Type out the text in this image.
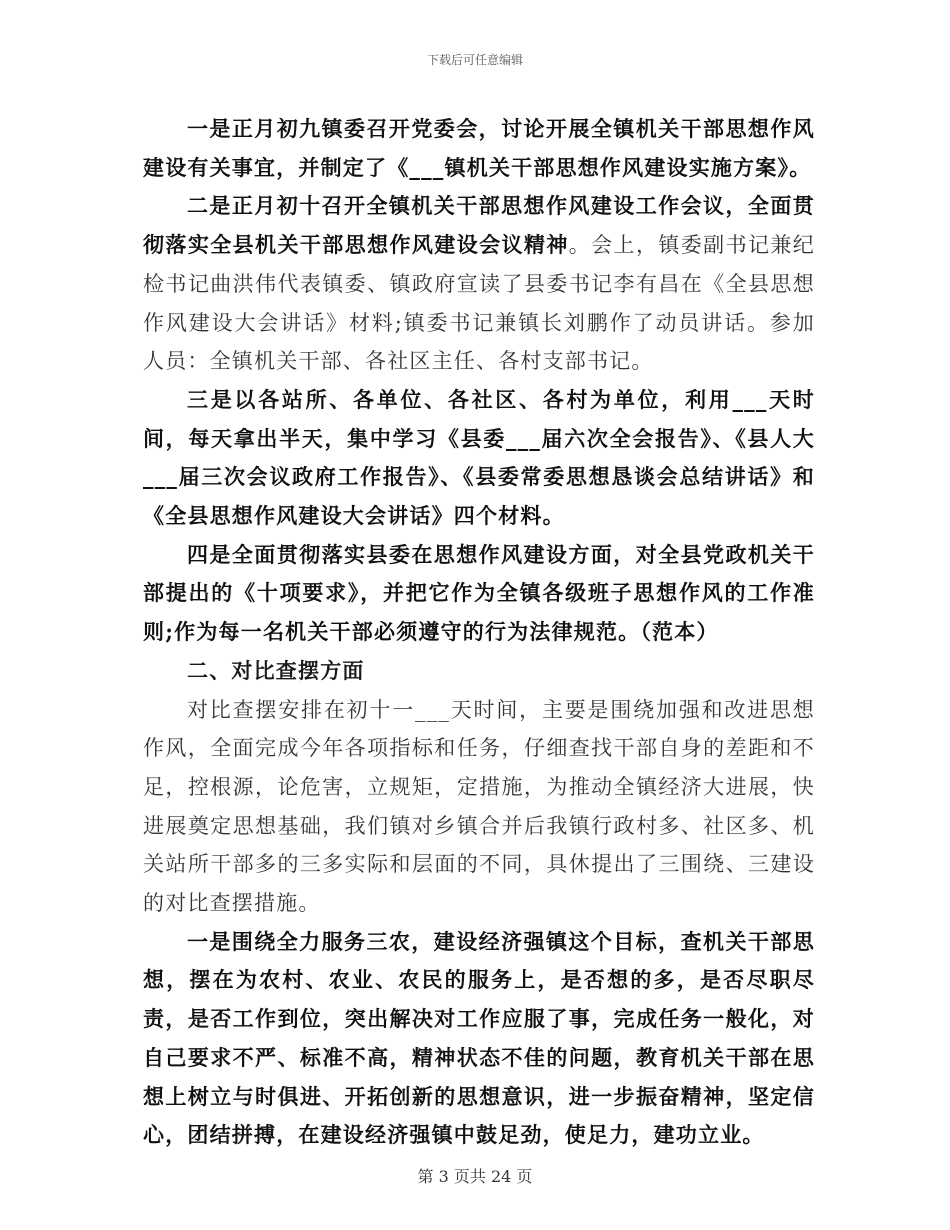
下载后可任意编辑

一是正月初九镇委召开党委会，讨论开展全镇机关干部思想作风建设有关事宜，并制定了《___镇机关干部思想作风建设实施方案》。

二是正月初十召开全镇机关干部思想作风建设工作会议，全面贯彻落实全县机关干部思想作风建设会议精神。会上，镇委副书记兼纪检书记曲洪伟代表镇委、镇政府宣读了县委书记李有昌在《全县思想作风建设大会讲话》材料;镇委书记兼镇长刘鹏作了动员讲话。参加人员：全镇机关干部、各社区主任、各村支部书记。

三是以各站所、各单位、各社区、各村为单位，利用___天时间，每天拿出半天，集中学习《县委___届六次全会报告》、《县人大___届三次会议政府工作报告》、《县委常委思想恳谈会总结讲话》和《全县思想作风建设大会讲话》四个材料。

四是全面贯彻落实县委在思想作风建设方面，对全县党政机关干部提出的《十项要求》，并把它作为全镇各级班子思想作风的工作准则;作为每一名机关干部必须遵守的行为法律规范。（范本）

二、对比查摆方面

对比查摆安排在初十一___天时间，主要是围绕加强和改进思想作风，全面完成今年各项指标和任务，仔细查找干部自身的差距和不足，控根源，论危害，立规矩，定措施，为推动全镇经济大进展，快进展奠定思想基础，我们镇对乡镇合并后我镇行政村多、社区多、机关站所干部多的三多实际和层面的不同，具休提出了三围绕、三建设的对比查摆措施。

一是围绕全力服务三农，建设经济强镇这个目标，查机关干部思想，摆在为农村、农业、农民的服务上，是否想的多，是否尽职尽责，是否工作到位，突出解决对工作应服了事，完成任务一般化，对自己要求不严、标准不高，精神状态不佳的问题，教育机关干部在思想上树立与时俱进、开拓创新的思想意识，进一步振奋精神，坚定信心，团结拼搏，在建设经济强镇中鼓足劲，使足力，建功立业。

第 3 页共 24 页
